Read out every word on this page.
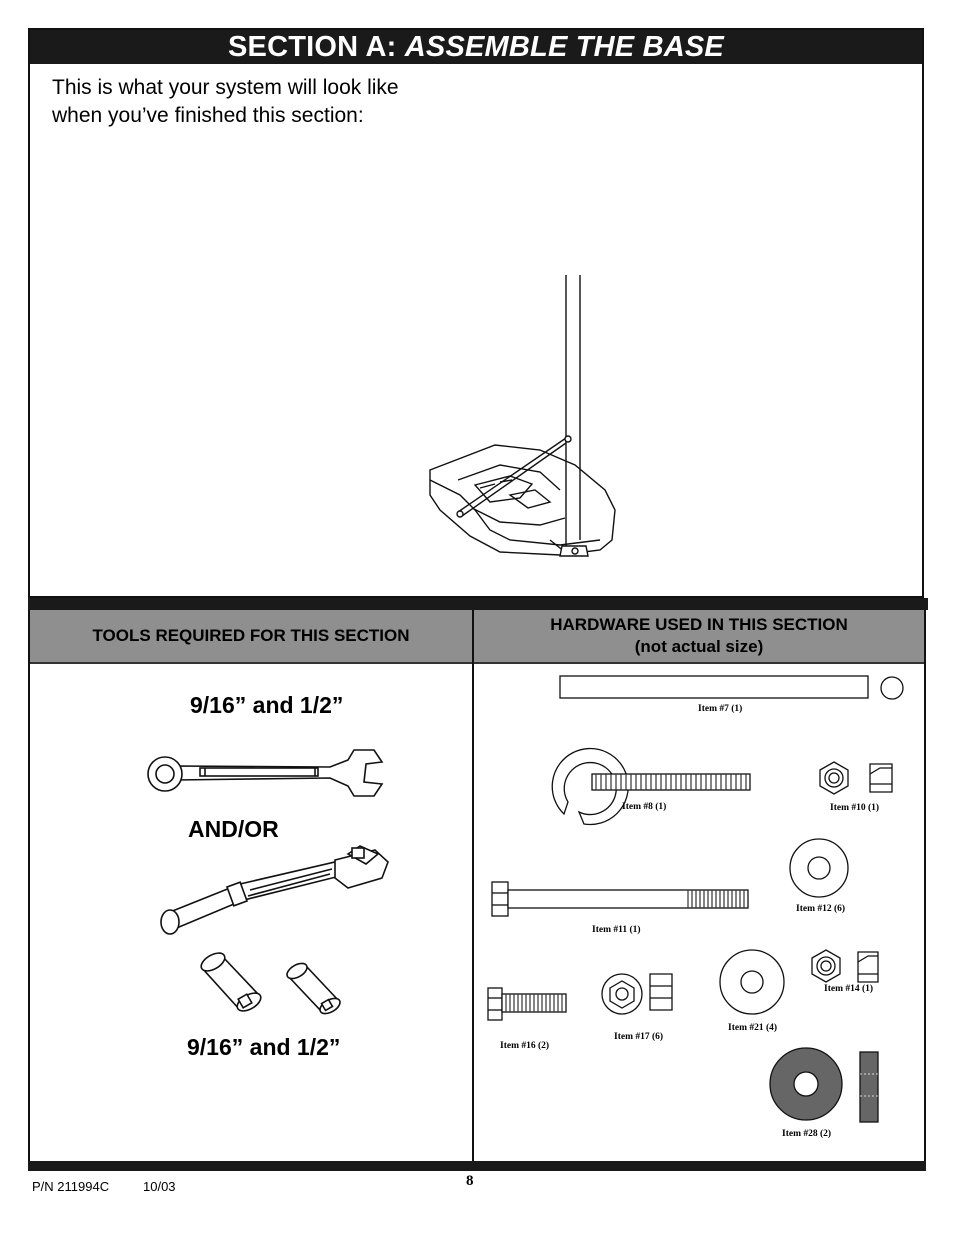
SECTION A: ASSEMBLE THE BASE
This is what your system will look like
when you’ve finished this section:
TOOLS REQUIRED FOR THIS SECTION
9/16” and 1/2”
AND/OR
9/16” and 1/2”
HARDWARE USED IN THIS SECTION
(not actual size)
Item #7 (1)
Item #8 (1)	Item #10 (1)
Item #12 (6)
Item #11 (1)
Item #14 (1)
Item #21 (4)
Item #17 (6)
Item #16 (2)
Item #28 (2)
P/N 211994C	10/03	8
